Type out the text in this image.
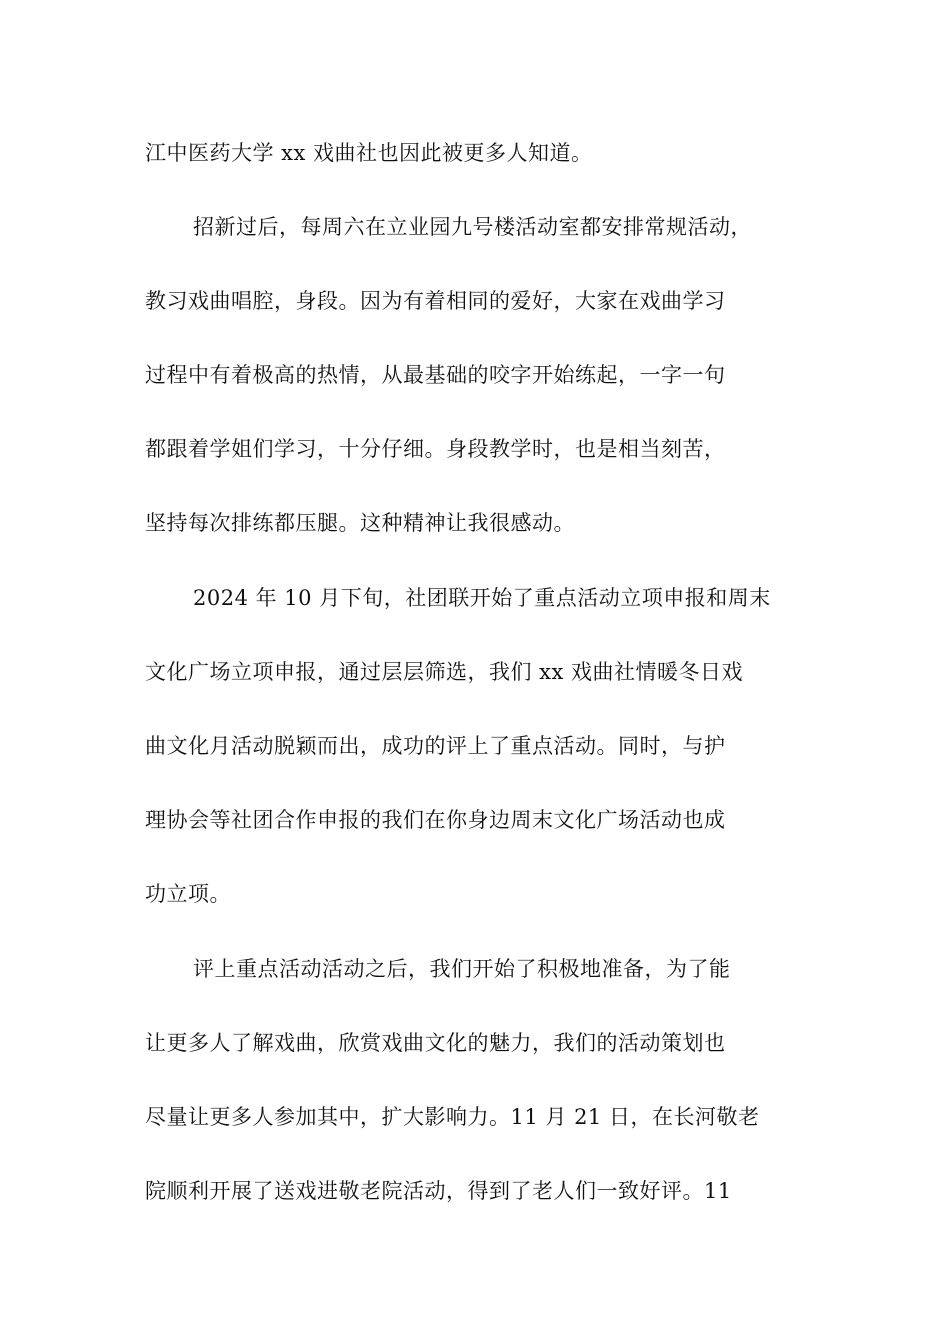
江中医药大学 xx 戏曲社也因此被更多人知道。
招新过后，每周六在立业园九号楼活动室都安排常规活动，
教习戏曲唱腔，身段。因为有着相同的爱好，大家在戏曲学习
过程中有着极高的热情，从最基础的咬字开始练起，一字一句
都跟着学姐们学习，十分仔细。身段教学时，也是相当刻苦，
坚持每次排练都压腿。这种精神让我很感动。
2024 年 10 月下旬，社团联开始了重点活动立项申报和周末
文化广场立项申报，通过层层筛选，我们 xx 戏曲社情暖冬日戏
曲文化月活动脱颖而出，成功的评上了重点活动。同时，与护
理协会等社团合作申报的我们在你身边周末文化广场活动也成
功立项。
评上重点活动活动之后，我们开始了积极地准备，为了能
让更多人了解戏曲，欣赏戏曲文化的魅力，我们的活动策划也
尽量让更多人参加其中，扩大影响力。11 月 21 日，在长河敬老
院顺利开展了送戏进敬老院活动，得到了老人们一致好评。11
